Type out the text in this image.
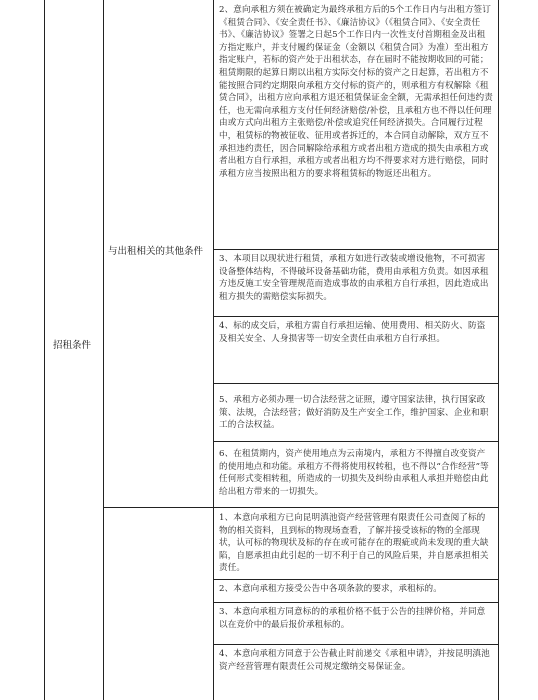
招租条件
与出租相关的其他条件
2、意向承租方须在被确定为最终承租方后的5个工作日内与出租方签订《租赁合同》、《安全责任书》、《廉洁协议》（《租赁合同》、《安全责任书》、《廉洁协议》签署之日起5个工作日内一次性支付首期租金及出租方指定账户，并支付履约保证金（金额以《租赁合同》为准）至出租方指定账户，若标的资产处于出租状态，存在届时不能按期收回的可能；租赁期限的起算日期以出租方实际交付标的资产之日起算，若出租方不能按照合同约定期限向承租方交付标的资产的，则承租方有权解除《租赁合同》，出租方应向承租方退还租赁保证金全额，无需承担任何违约责任，也无需向承租方支付任何经济赔偿/补偿，且承租方也不得以任何理由或方式向出租方主张赔偿/补偿或追究任何经济损失。合同履行过程中，租赁标的物被征收、征用或者拆迁的，本合同自动解除，双方互不承担违约责任，因合同解除给承租方或者出租方造成的损失由承租方或者出租方自行承担，承租方或者出租方均不得要求对方进行赔偿，同时承租方应当按照出租方的要求将租赁标的物返还出租方。
3、本项目以现状进行租赁，承租方如进行改装或增设他物，不可损害设备整体结构，不得破坏设备基础功能，费用由承租方负责。如因承租方违反施工安全管理规范而造成事故的由承租方自行承担，因此造成出租方损失的需赔偿实际损失。
4、标的成交后，承租方需自行承担运输、使用费用、相关防火、防盗及相关安全、人身损害等一切安全责任由承租方自行承担。
5、承租方必须办理一切合法经营之证照，遵守国家法律，执行国家政策、法规，合法经营；做好消防及生产安全工作，维护国家、企业和职工的合法权益。
6、在租赁期内，资产使用地点为云南境内，承租方不得擅自改变资产的使用地点和功能。承租方不得将使用权转租，也不得以“合作经营”等任何形式变相转租，所造成的一切损失及纠纷由承租人承担并赔偿由此给出租方带来的一切损失。
1、本意向承租方已向昆明滇池资产经营管理有限责任公司查阅了标的物的相关资料，且到标的物现场查看，了解并接受该标的物的全部现状，认可标的物现状及标的存在或可能存在的瑕疵或尚未发现的重大缺陷，自愿承担由此引起的一切不利于自己的风险后果，并自愿承担相关责任。
2、本意向承租方接受公告中各项条款的要求，承租标的。
3、本意向承租方同意标的的承租价格不低于公告的挂牌价格，并同意以在竞价中的最后报价承租标的。
4、本意向承租方同意于公告截止时前递交《承租申请》，并按昆明滇池资产经营管理有限责任公司规定缴纳交易保证金。
